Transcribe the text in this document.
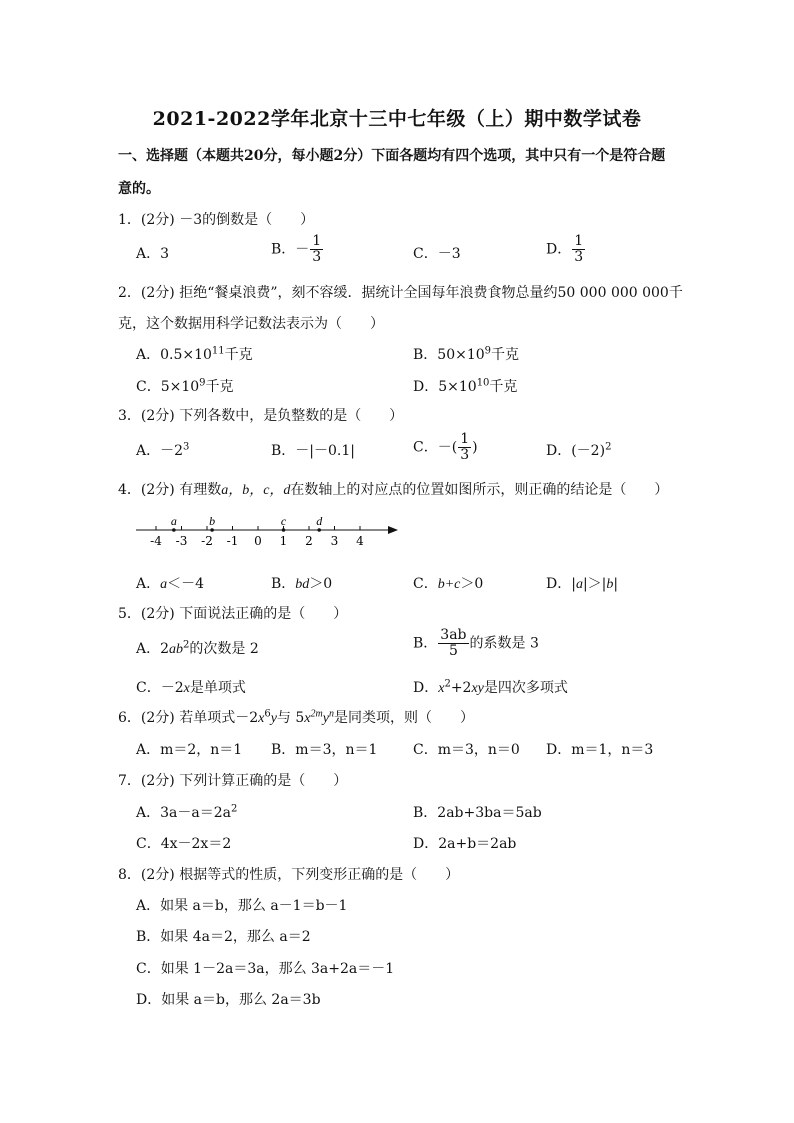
2021-2022学年北京十三中七年级（上）期中数学试卷
一、选择题（本题共20分，每小题2分）下面各题均有四个选项，其中只有一个是符合题
意的。
1．(2分) －3的倒数是（　　）
A．3	B．－ $\frac{1}{3}$	C．－3	D． $\frac{1}{3}$
2．(2分) 拒绝“餐桌浪费”，刻不容缓．据统计全国每年浪费食物总量约50 000 000 000千
克，这个数据用科学记数法表示为（　　）
A．$0.5\times 10^{11}$千克	B．$50\times 10^9$千克
C．$5\times 10^9$千克	D．$5\times 10^{10}$千克
3．(2分) 下列各数中，是负整数的是（　　）
A．$-2^3$	B．－|－0.1|	C．－( $\frac{1}{3}$ )	D．$(-2)^2$
4．(2分) 有理数a，b，c，d在数轴上的对应点的位置如图所示，则正确的结论是（　　）
-4 -3 -2 -1 0 1 2 3 4
a	b	c	d
A．a＜－4	B．bd＞0	C．b+c＞0	D．|a|＞|b|
5．(2分) 下面说法正确的是（　　）
A．$2ab^2$的次数是 2	B． $\frac{3ab}{5}$ 的系数是 3
C．－2x是单项式	D．$x^2+2xy$是四次多项式
6．(2分) 若单项式$-2x^6y$与 $5x^{2m}y^n$是同类项，则（　　）
A．m＝2，n＝1 B．m＝3，n＝1	C．m＝3，n＝0 D．m＝1，n＝3
7．(2分) 下列计算正确的是（　　）
A．$3a-a=2a^2$	B．2ab+3ba＝5ab
C．4x－2x＝2	D．2a+b＝2ab
8．(2分) 根据等式的性质，下列变形正确的是（　　）
A．如果 a＝b，那么 a－1＝b－1
B．如果 4a＝2，那么 a＝2
C．如果 1－2a＝3a，那么 3a+2a＝－1
D．如果 a＝b，那么 2a＝3b
